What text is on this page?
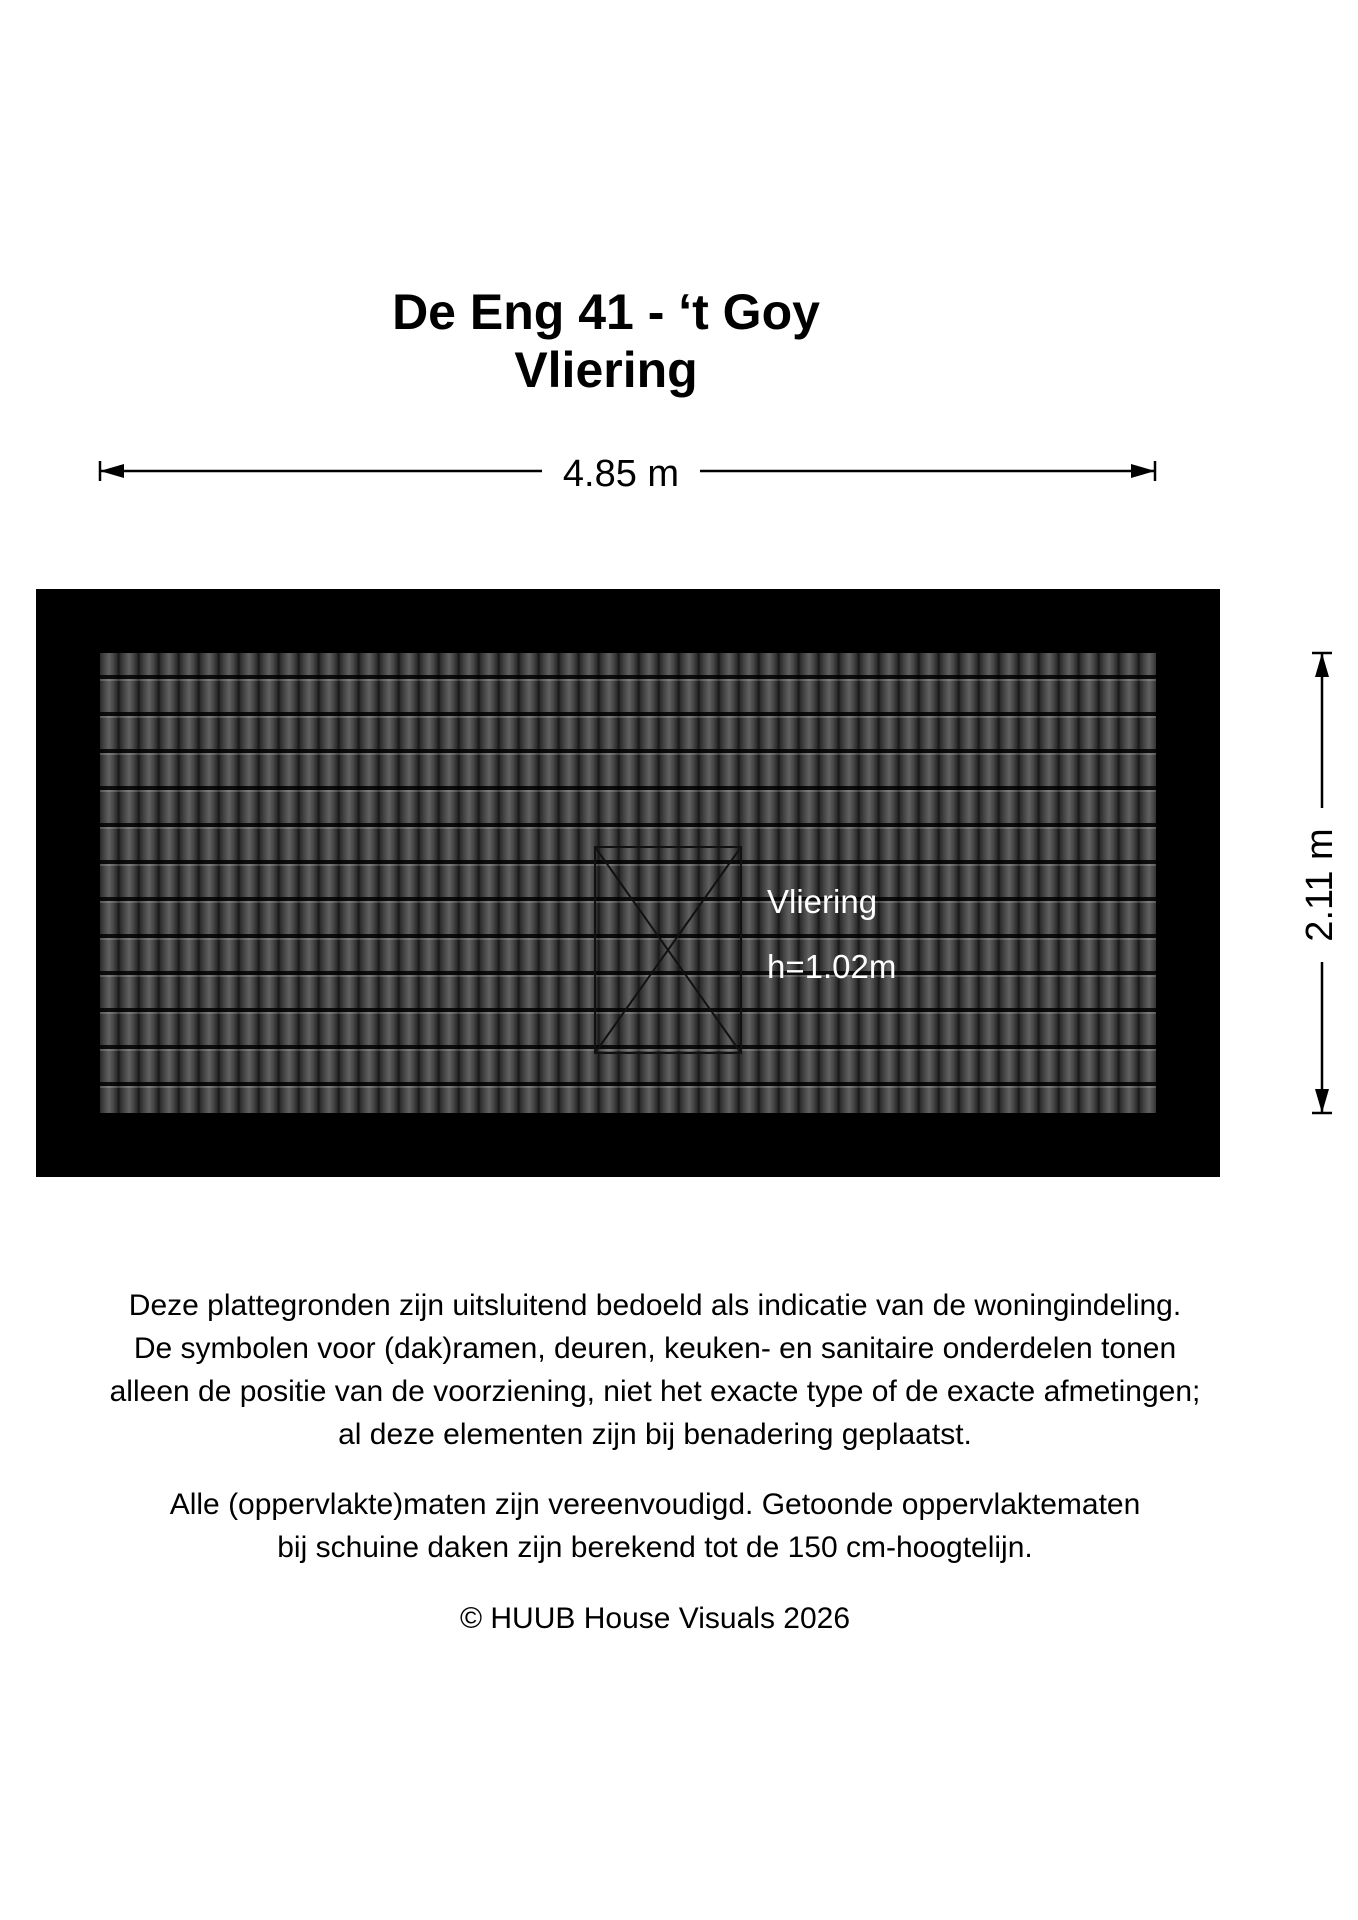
De Eng 41 - ‘t Goy
Vliering
4.85 m
2.11 m
Vliering
h=1.02m

Deze plattegronden zijn uitsluitend bedoeld als indicatie van de woningindeling.

De symbolen voor (dak)ramen, deuren, keuken- en sanitaire onderdelen tonen

alleen de positie van de voorziening, niet het exacte type of de exacte afmetingen;

al deze elementen zijn bij benadering geplaatst.

Alle (oppervlakte)maten zijn vereenvoudigd. Getoonde oppervlaktematen

bij schuine daken zijn berekend tot de 150 cm-hoogtelijn.

© HUUB House Visuals 2026
